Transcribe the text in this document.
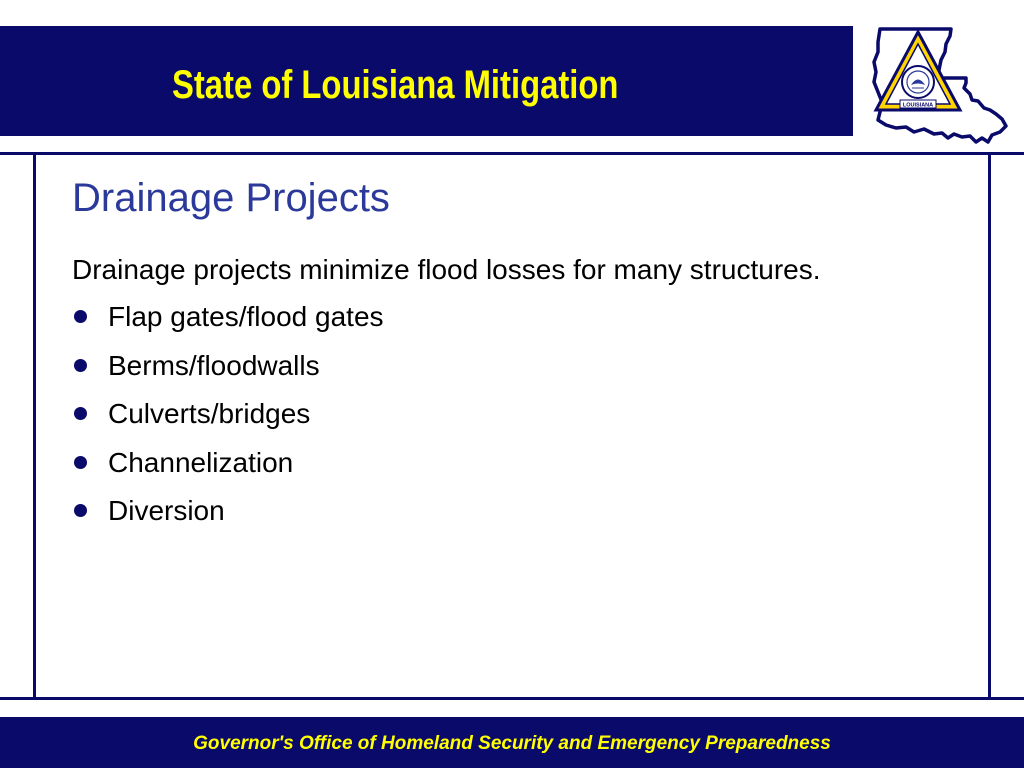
State of Louisiana Mitigation	LOUISIANA
Drainage Projects

Drainage projects minimize flood losses for many structures.

Flap gates/flood gates
Berms/floodwalls
Culverts/bridges
Channelization
Diversion
Governor's Office of Homeland Security and Emergency Preparedness
